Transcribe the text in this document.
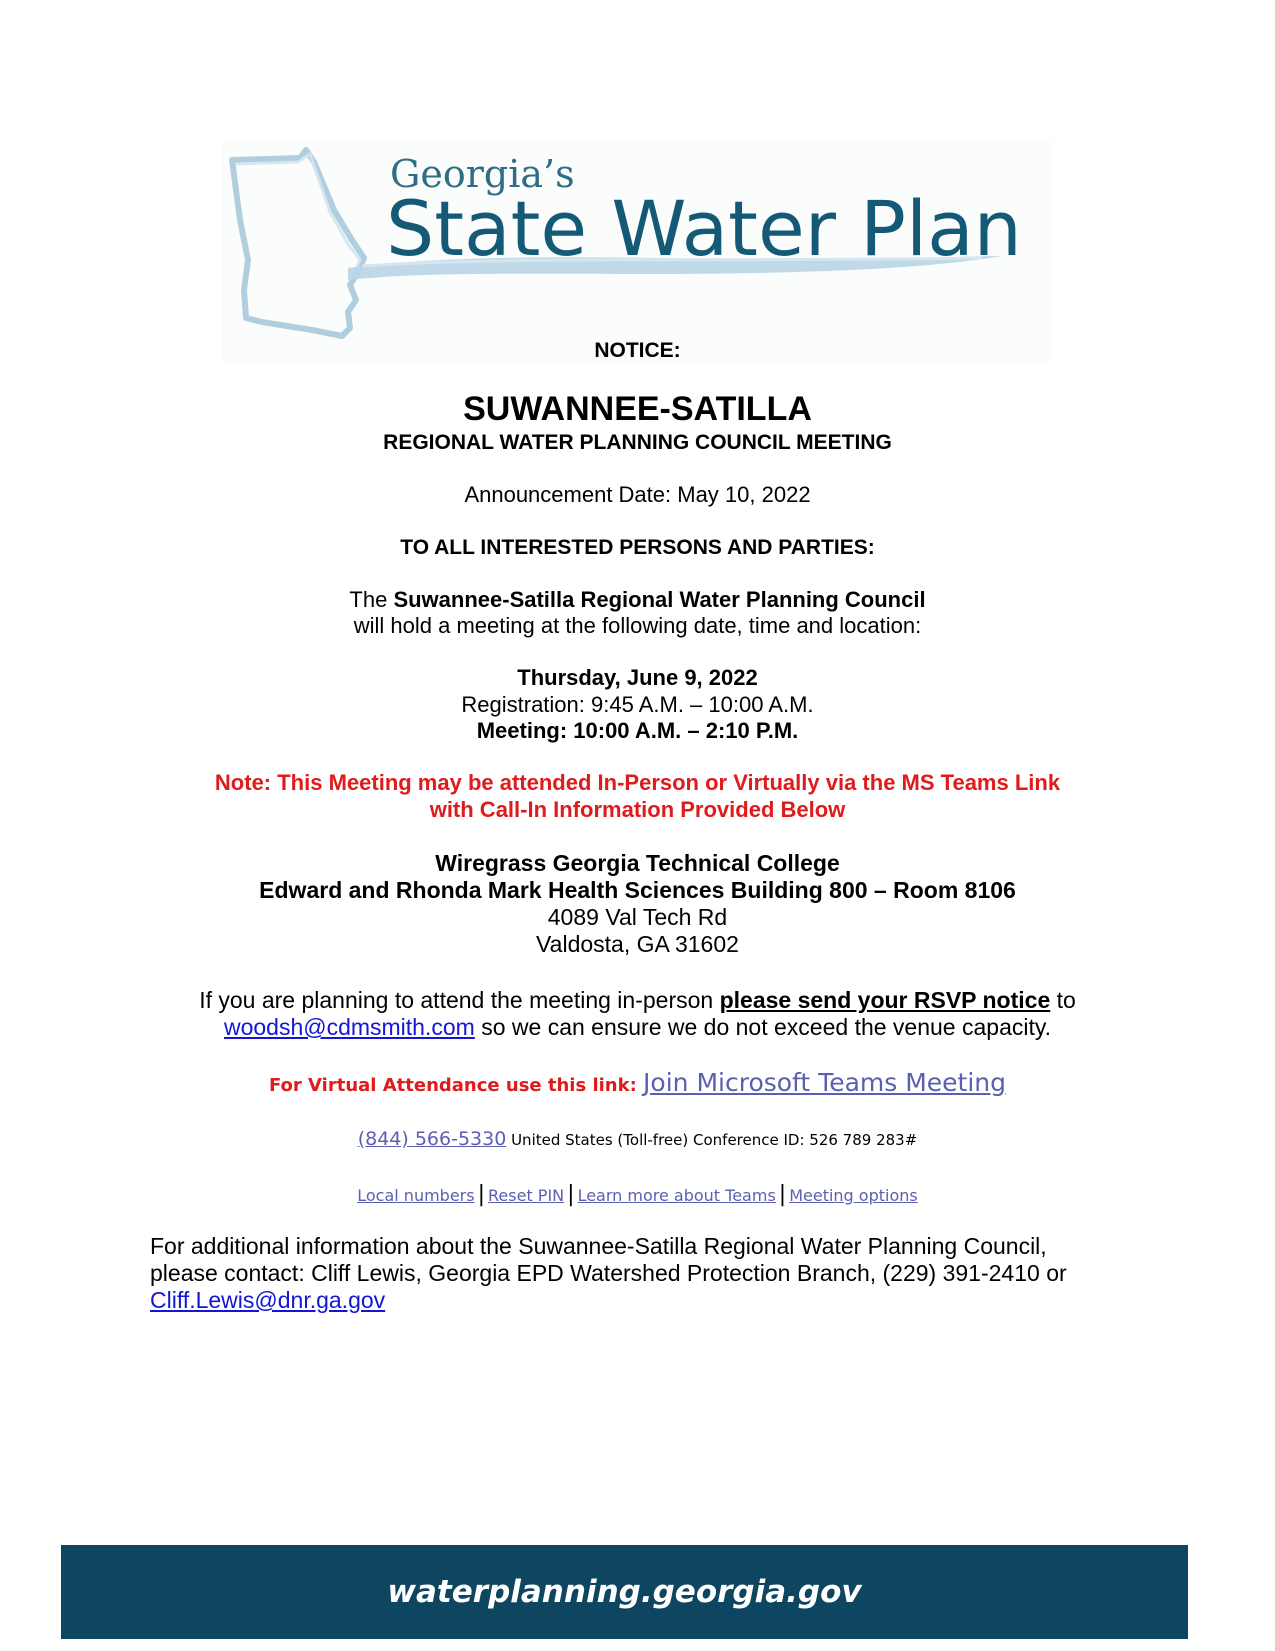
Georgia’s
State Water Plan
NOTICE:
SUWANNEE-SATILLA
REGIONAL WATER PLANNING COUNCIL MEETING
Announcement Date: May 10, 2022
TO ALL INTERESTED PERSONS AND PARTIES:
The Suwannee-Satilla Regional Water Planning Council
will hold a meeting at the following date, time and location:
Thursday, June 9, 2022
Registration: 9:45 A.M. – 10:00 A.M.
Meeting: 10:00 A.M. – 2:10 P.M.
Note: This Meeting may be attended In-Person or Virtually via the MS Teams Link
with Call-In Information Provided Below
Wiregrass Georgia Technical College
Edward and Rhonda Mark Health Sciences Building 800 – Room 8106
4089 Val Tech Rd
Valdosta, GA 31602
If you are planning to attend the meeting in-person please send your RSVP notice to
woodsh@cdmsmith.com so we can ensure we do not exceed the venue capacity.
For Virtual Attendance use this link: Join Microsoft Teams Meeting
(844) 566-5330 United States (Toll-free) Conference ID: 526 789 283#
Local numbers | Reset PIN | Learn more about Teams | Meeting options
For additional information about the Suwannee-Satilla Regional Water Planning Council,
please contact: Cliff Lewis, Georgia EPD Watershed Protection Branch, (229) 391-2410 or
Cliff.Lewis@dnr.ga.gov
waterplanning.georgia.gov
